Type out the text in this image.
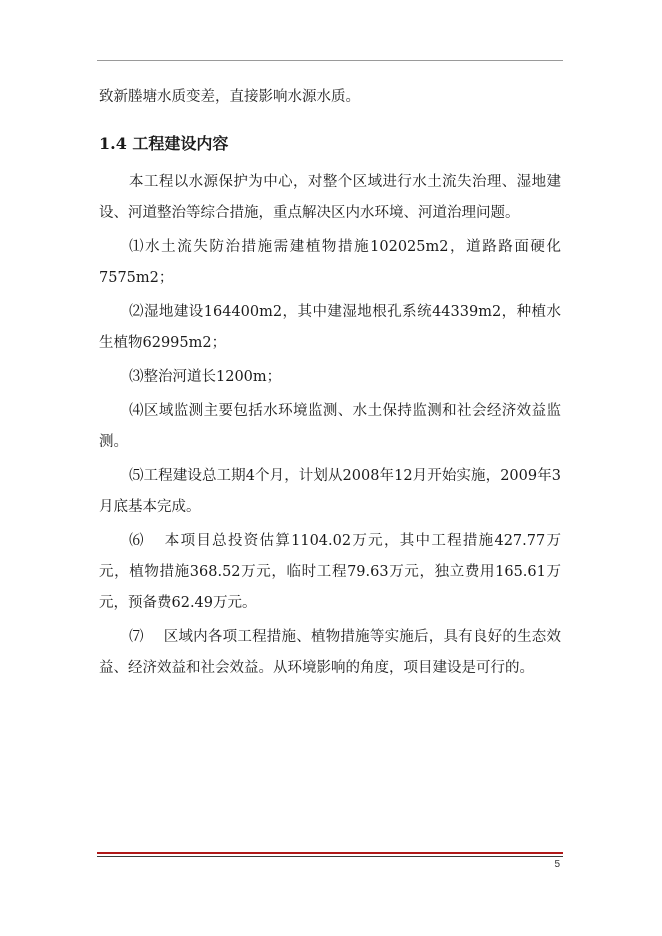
致新塍塘水质变差，直接影响水源水质。

1.4 工程建设内容

本工程以水源保护为中心，对整个区域进行水土流失治理、湿地建设、河道整治等综合措施，重点解决区内水环境、河道治理问题。

⑴水土流失防治措施需建植物措施102025m2，道路路面硬化7575m2；

⑵湿地建设164400m2，其中建湿地根孔系统44339m2，种植水生植物62995m2；

⑶整治河道长1200m；

⑷区域监测主要包括水环境监测、水土保持监测和社会经济效益监测。

⑸工程建设总工期4个月，计划从2008年12月开始实施，2009年3月底基本完成。

⑹ 本项目总投资估算1104.02万元，其中工程措施427.77万元，植物措施368.52万元，临时工程79.63万元，独立费用165.61万元，预备费62.49万元。

⑺ 区域内各项工程措施、植物措施等实施后，具有良好的生态效益、经济效益和社会效益。从环境影响的角度，项目建设是可行的。

5
